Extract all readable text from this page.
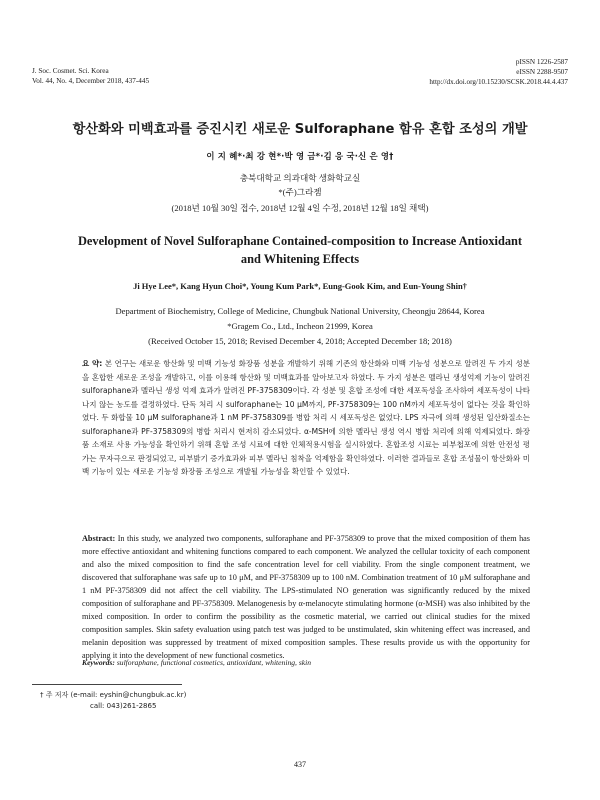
J. Soc. Cosmet. Sci. Korea
Vol. 44, No. 4, December 2018, 437-445
pISSN 1226-2587
eISSN 2288-9507
http://dx.doi.org/10.15230/SCSK.2018.44.4.437
항산화와 미백효과를 증진시킨 새로운 Sulforaphane 함유 혼합 조성의 개발
이 지 혜*·최 강 현*·박 영 금*·김 응 국·신 은 영†
충북대학교 의과대학 생화학교실
*(주)그라젬
(2018년 10월 30일 접수, 2018년 12월 4일 수정, 2018년 12월 18일 채택)
Development of Novel Sulforaphane Contained-composition to Increase Antioxidant
and Whitening Effects
Ji Hye Lee*, Kang Hyun Choi*, Young Kum Park*, Eung-Gook Kim, and Eun-Young Shin†
Department of Biochemistry, College of Medicine, Chungbuk National University, Cheongju 28644, Korea
*Gragem Co., Ltd., Incheon 21999, Korea
(Received October 15, 2018; Revised December 4, 2018; Accepted December 18; 2018)
요 약: 본 연구는 새로운 항산화 및 미백 기능성 화장품 성분을 개발하기 위해 기존의 항산화와 미백 기능성 성분으로 알려진 두 가지 성분을 혼합한 새로운 조성을 개발하고, 이를 이용해 항산화 및 미백효과를 알아보고자 하였다. 두 가지 성분은 멜라닌 생성억제 기능이 알려진 sulforaphane과 멜라닌 생성 억제 효과가 알려진 PF-3758309이다. 각 성분 및 혼합 조성에 대한 세포독성을 조사하여 세포독성이 나타나지 않는 농도를 결정하였다. 단독 처리 시 sulforaphane는 10 μM까지, PF-3758309는 100 nM까지 세포독성이 없다는 것을 확인하였다. 두 화합물 10 μM sulforaphane과 1 nM PF-3758309를 병합 처리 시 세포독성은 없었다. LPS 자극에 의해 생성된 일산화질소는 sulforaphane과 PF-3758309의 병합 처리시 현저히 감소되었다. α-MSH에 의한 멜라닌 생성 역시 병합 처리에 의해 억제되었다. 화장품 소재로 사용 가능성을 확인하기 위해 혼합 조성 시료에 대한 인체적용시험을 실시하였다. 혼합조성 시료는 피부첩포에 의한 안전성 평가는 무자극으로 판정되었고, 피부밝기 증가효과와 피부 멜라닌 침착을 억제함을 확인하였다. 이러한 결과들로 혼합 조성물이 항산화와 미백 기능이 있는 새로운 기능성 화장품 조성으로 개발될 가능성을 확인할 수 있었다.
Abstract: In this study, we analyzed two components, sulforaphane and PF-3758309 to prove that the mixed composition of them has more effective antioxidant and whitening functions compared to each component. We analyzed the cellular toxicity of each component and also the mixed composition to find the safe concentration level for cell viability. From the single component treatment, we discovered that sulforaphane was safe up to 10 μM, and PF-3758309 up to 100 nM. Combination treatment of 10 μM sulforaphane and 1 nM PF-3758309 did not affect the cell viability. The LPS-stimulated NO generation was significantly reduced by the mixed composition of sulforaphane and PF-3758309. Melanogenesis by α-melanocyte stimulating hormone (α-MSH) was also inhibited by the mixed composition. In order to confirm the possibility as the cosmetic material, we carried out clinical studies for the mixed composition samples. Skin safety evaluation using patch test was judged to be unstimulated, skin whitening effect was increased, and melanin deposition was suppressed by treatment of mixed composition samples. These results provide us with the opportunity for applying it into the development of new functional cosmetics.
Keywords: sulforaphane, functional cosmetics, antioxidant, whitening, skin
† 주 저자 (e-mail: eyshin@chungbuk.ac.kr)
call: 043)261-2865
437
